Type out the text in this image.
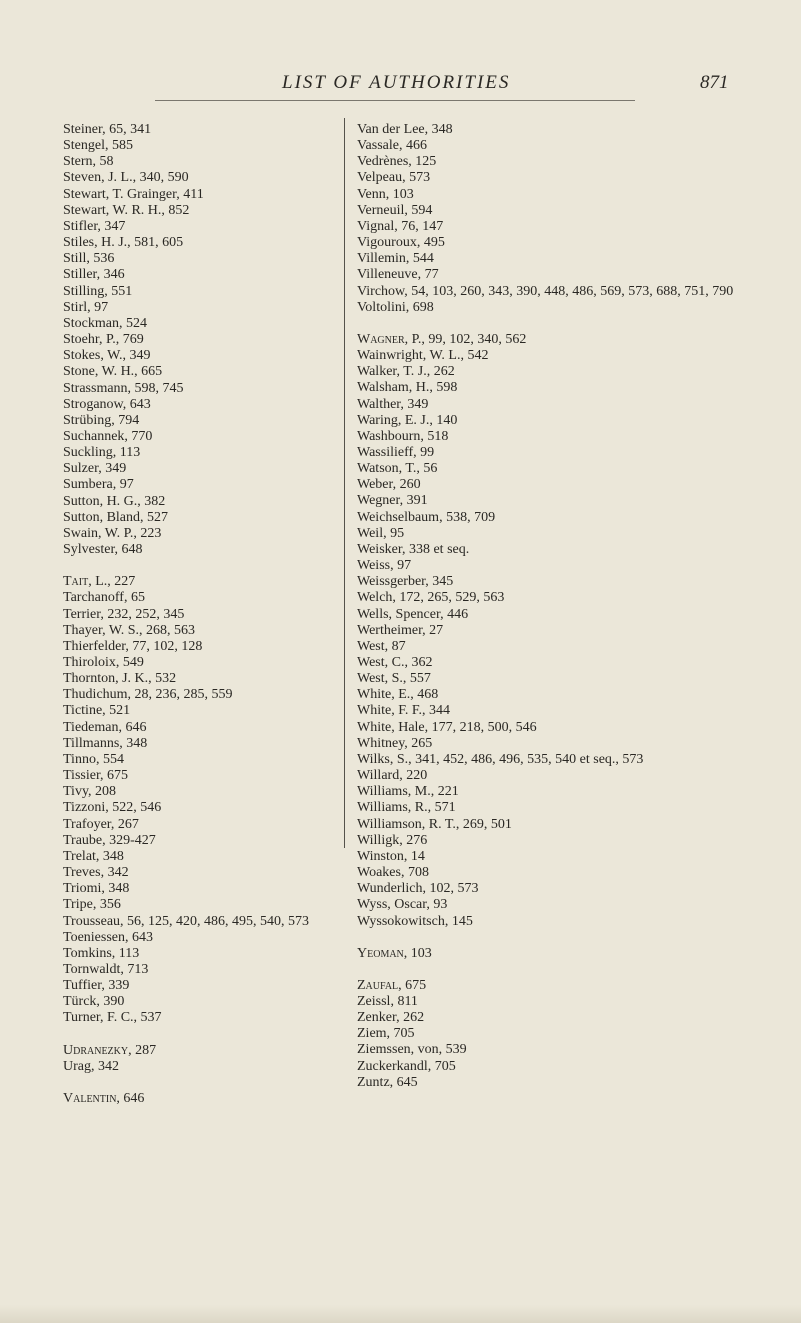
LIST OF AUTHORITIES	871
Steiner, 65, 341
Stengel, 585
Stern, 58
Steven, J. L., 340, 590
Stewart, T. Grainger, 411
Stewart, W. R. H., 852
Stifler, 347
Stiles, H. J., 581, 605
Still, 536
Stiller, 346
Stilling, 551
Stirl, 97
Stockman, 524
Stoehr, P., 769
Stokes, W., 349
Stone, W. H., 665
Strassmann, 598, 745
Stroganow, 643
Strübing, 794
Suchannek, 770
Suckling, 113
Sulzer, 349
Sumbera, 97
Sutton, H. G., 382
Sutton, Bland, 527
Swain, W. P., 223
Sylvester, 648
Tait, L., 227
Tarchanoff, 65
Terrier, 232, 252, 345
Thayer, W. S., 268, 563
Thierfelder, 77, 102, 128
Thiroloix, 549
Thornton, J. K., 532
Thudichum, 28, 236, 285, 559
Tictine, 521
Tiedeman, 646
Tillmanns, 348
Tinno, 554
Tissier, 675
Tivy, 208
Tizzoni, 522, 546
Trafoyer, 267
Traube, 329-427
Trelat, 348
Treves, 342
Triomi, 348
Tripe, 356
Trousseau, 56, 125, 420, 486, 495, 540, 573
Toeniessen, 643
Tomkins, 113
Tornwaldt, 713
Tuffier, 339
Türck, 390
Turner, F. C., 537
Udranezky, 287
Urag, 342
Valentin, 646
Van der Lee, 348
Vassale, 466
Vedrènes, 125
Velpeau, 573
Venn, 103
Verneuil, 594
Vignal, 76, 147
Vigouroux, 495
Villemin, 544
Villeneuve, 77
Virchow, 54, 103, 260, 343, 390, 448, 486, 569, 573, 688, 751, 790
Voltolini, 698
Wagner, P., 99, 102, 340, 562
Wainwright, W. L., 542
Walker, T. J., 262
Walsham, H., 598
Walther, 349
Waring, E. J., 140
Washbourn, 518
Wassilieff, 99
Watson, T., 56
Weber, 260
Wegner, 391
Weichselbaum, 538, 709
Weil, 95
Weisker, 338 et seq.
Weiss, 97
Weissgerber, 345
Welch, 172, 265, 529, 563
Wells, Spencer, 446
Wertheimer, 27
West, 87
West, C., 362
West, S., 557
White, E., 468
White, F. F., 344
White, Hale, 177, 218, 500, 546
Whitney, 265
Wilks, S., 341, 452, 486, 496, 535, 540 et seq., 573
Willard, 220
Williams, M., 221
Williams, R., 571
Williamson, R. T., 269, 501
Willigk, 276
Winston, 14
Woakes, 708
Wunderlich, 102, 573
Wyss, Oscar, 93
Wyssokowitsch, 145
Yeoman, 103
Zaufal, 675
Zeissl, 811
Zenker, 262
Ziem, 705
Ziemssen, von, 539
Zuckerkandl, 705
Zuntz, 645
